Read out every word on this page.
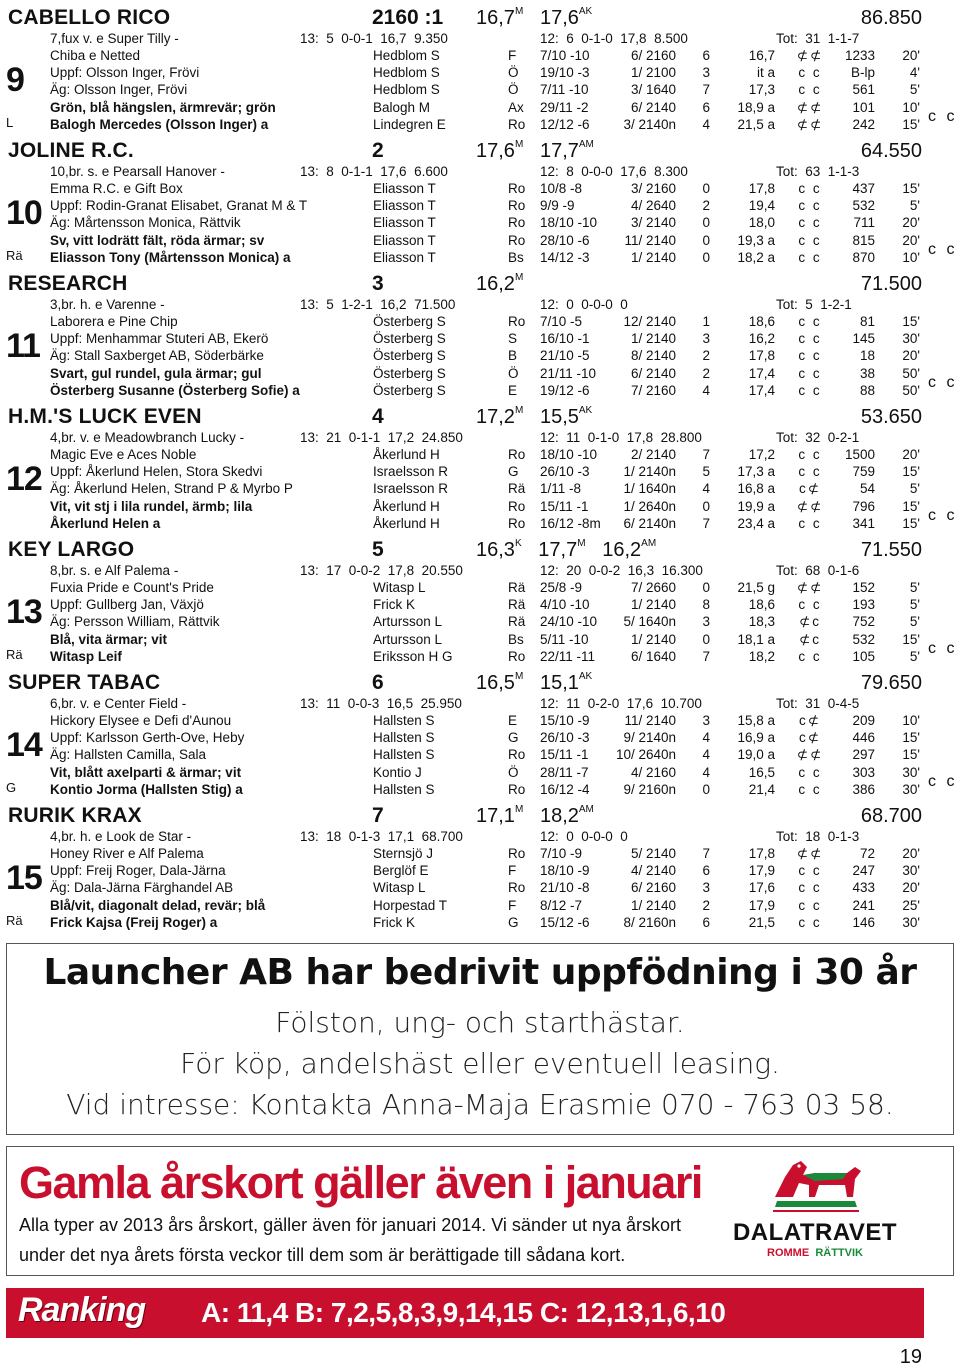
CABELLO RICO	2160 :1 $16,7^M$   $17,6^{AK}$	86.850
7,fux v. e Super Tilly -	13:  5  0-0-1  16,7  9.350	12:  6  0-1-0  17,8  8.500	Tot:  31  1-1-7
9
L
Chiba e Netted	Hedblom S	F 7/10 -10	6/ 2160	6	16,7	⊄⊄	1233	20'
Uppf: Olsson Inger, Frövi	Hedblom S	Ö 19/10 -3	1/ 2100	3	it a	c c	B-lp	4'
Äg: Olsson Inger, Frövi	Hedblom S	Ö 7/11 -10	3/ 1640	7	17,3	c c	561	5'
Grön, blå hängslen, ärmrevär; grön	Balogh M	Ax 29/11 -2	6/ 2140	6 18,9 a	⊄⊄	101	10'
Balogh Mercedes (Olsson Inger) a	Lindegren E	Ro 12/12 -6	3/ 2140n	4 21,5 a	⊄⊄	242	15' c c
JOLINE R.C.	2	$17,6^M$   $17,7^{AM}$	64.550
10,br. s. e Pearsall Hanover -	13:  8  0-1-1  17,6  6.600	12:  8  0-0-0  17,6  8.300	Tot:  63  1-1-3
10
Rä
Emma R.C. e Gift Box	Eliasson T	Ro 10/8 -8	3/ 2160	0	17,8	c c	437	15'
Uppf: Rodin-Granat Elisabet, Granat M & T	Eliasson T	Ro 9/9 -9	4/ 2640	2	19,4	c c	532	5'
Äg: Mårtensson Monica, Rättvik	Eliasson T	Ro 18/10 -10	3/ 2140	0	18,0	c c	711	20'
Sv, vitt lodrätt fält, röda ärmar; sv	Eliasson T	Ro 28/10 -6	11/ 2140	0 19,3 a	c c	815	20'
Eliasson Tony (Mårtensson Monica) a	Eliasson T	Bs 14/12 -3	1/ 2140	0 18,2 a	c c	870	10' c c
RESEARCH	3	$16,2^M$	71.500
3,br. h. e Varenne -	13:  5  1-2-1  16,2  71.500	12:  0  0-0-0  0	Tot:  5  1-2-1
11
Laborera e Pine Chip	Österberg S	Ro 7/10 -5	12/ 2140	1	18,6	c c	81	15'
Uppf: Menhammar Stuteri AB, Ekerö	Österberg S	S 16/10 -1	1/ 2140	3	16,2	c c	145	30'
Äg: Stall Saxberget AB, Söderbärke	Österberg S	B 21/10 -5	8/ 2140	2	17,8	c c	18	20'
Svart, gul rundel, gula ärmar; gul	Österberg S	Ö 21/11 -10	6/ 2140	2	17,4	c c	38	50'
Österberg Susanne (Österberg Sofie) a	Österberg S	E 19/12 -6	7/ 2160	4	17,4	c c	88	50' c c
H.M.'S LUCK EVEN	4	$17,2^M$   $15,5^{AK}$	53.650
4,br. v. e Meadowbranch Lucky -	13:  21  0-1-1  17,2  24.850	12:  11  0-1-0  17,8  28.800	Tot:  32  0-2-1
12
Magic Eve e Aces Noble	Åkerlund H	Ro 18/10 -10	2/ 2140	7	17,2	c c	1500	20'
Uppf: Åkerlund Helen, Stora Skedvi	Israelsson R	G 26/10 -3	1/ 2140n	5 17,3 a	c c	759	15'
Äg: Åkerlund Helen, Strand P & Myrbo P	Israelsson R	Rä 1/11 -8	1/ 1640n	4 16,8 a	c⊄	54	5'
Vit, vit stj i lila rundel, ärmb; lila	Åkerlund H	Ro 15/11 -1	1/ 2640n	0 19,9 a	⊄⊄	796	15'
Åkerlund Helen a	Åkerlund H	Ro 16/12 -8m	6/ 2140n	7 23,4 a	c c	341	15' c c
KEY LARGO	5	$16,3^K$   $17,7^M$   $16,2^{AM}$	71.550
8,br. s. e Alf Palema -	13:  17  0-0-2  17,8  20.550	12:  20  0-0-2  16,3  16.300	Tot:  68  0-1-6
13
Rä
Fuxia Pride e Count's Pride	Witasp L	Rä 25/8 -9	7/ 2660	0 21,5 g	⊄⊄	152	5'
Uppf: Gullberg Jan, Växjö	Frick K	Rä 4/10 -10	1/ 2140	8	18,6	c c	193	5'
Äg: Persson William, Rättvik	Artursson L	Rä 24/10 -10	5/ 1640n	3	18,3	⊄c	752	5'
Blå, vita ärmar; vit	Artursson L	Bs 5/11 -10	1/ 2140	0 18,1 a	⊄c	532	15'
Witasp Leif	Eriksson H G	Ro 22/11 -11	6/ 1640	7	18,2	c c	105	5' c c
SUPER TABAC	6	$16,5^M$   $15,1^{AK}$	79.650
6,br. v. e Center Field -	13:  11  0-0-3  16,5  25.950	12:  11  0-2-0  17,6  10.700	Tot:  31  0-4-5
14
G
Hickory Elysee e Defi d'Aunou	Hallsten S	E 15/10 -9	11/ 2140	3 15,8 a	c⊄	209	10'
Uppf: Karlsson Gerth-Ove, Heby	Hallsten S	G 26/10 -3	9/ 2140n	4 16,9 a	c⊄	446	15'
Äg: Hallsten Camilla, Sala	Hallsten S	Ro 15/11 -1	10/ 2640n	4 19,0 a	⊄⊄	297	15'
Vit, blått axelparti & ärmar; vit	Kontio J	Ö 28/11 -7	4/ 2160	4	16,5	c c	303	30'
Kontio Jorma (Hallsten Stig) a	Hallsten S	Ro 16/12 -4	9/ 2160n	0	21,4	c c	386	30' c c
RURIK KRAX	7	$17,1^M$   $18,2^{AM}$	68.700
4,br. h. e Look de Star -	13:  18  0-1-3  17,1  68.700	12:  0  0-0-0  0	Tot:  18  0-1-3
15
Rä
Honey River e Alf Palema	Sternsjö J	Ro 7/10 -9	5/ 2140	7	17,8	⊄⊄	72	20'
Uppf: Freij Roger, Dala-Järna	Berglöf E	F 18/10 -9	4/ 2140	6	17,9	c c	247	30'
Äg: Dala-Järna Färghandel AB	Witasp L	Ro 21/10 -8	6/ 2160	3	17,6	c c	433	20'
Blå/vit, diagonalt delad, revär; blå	Horpestad T	F 8/12 -7	1/ 2140	2	17,9	c c	241	25'
Frick Kajsa (Freij Roger) a	Frick K	G 15/12 -6	8/ 2160n	6	21,5	c c	146	30'
Launcher AB har bedrivit uppfödning i 30 år
Fölston, ung- och starthästar.
För köp, andelshäst eller eventuell leasing.
Vid intresse: Kontakta Anna-Maja Erasmie 070 - 763 03 58.
Gamla årskort gäller även i januari
Alla typer av 2013 års årskort, gäller även för januari 2014. Vi sänder ut nya årskort
under det nya årets första veckor till dem som är berättigade till sådana kort.
DALATRAVET
ROMME RÄTTVIK
Ranking A: 11,4 B: 7,2,5,8,3,9,14,15 C: 12,13,1,6,10
19
